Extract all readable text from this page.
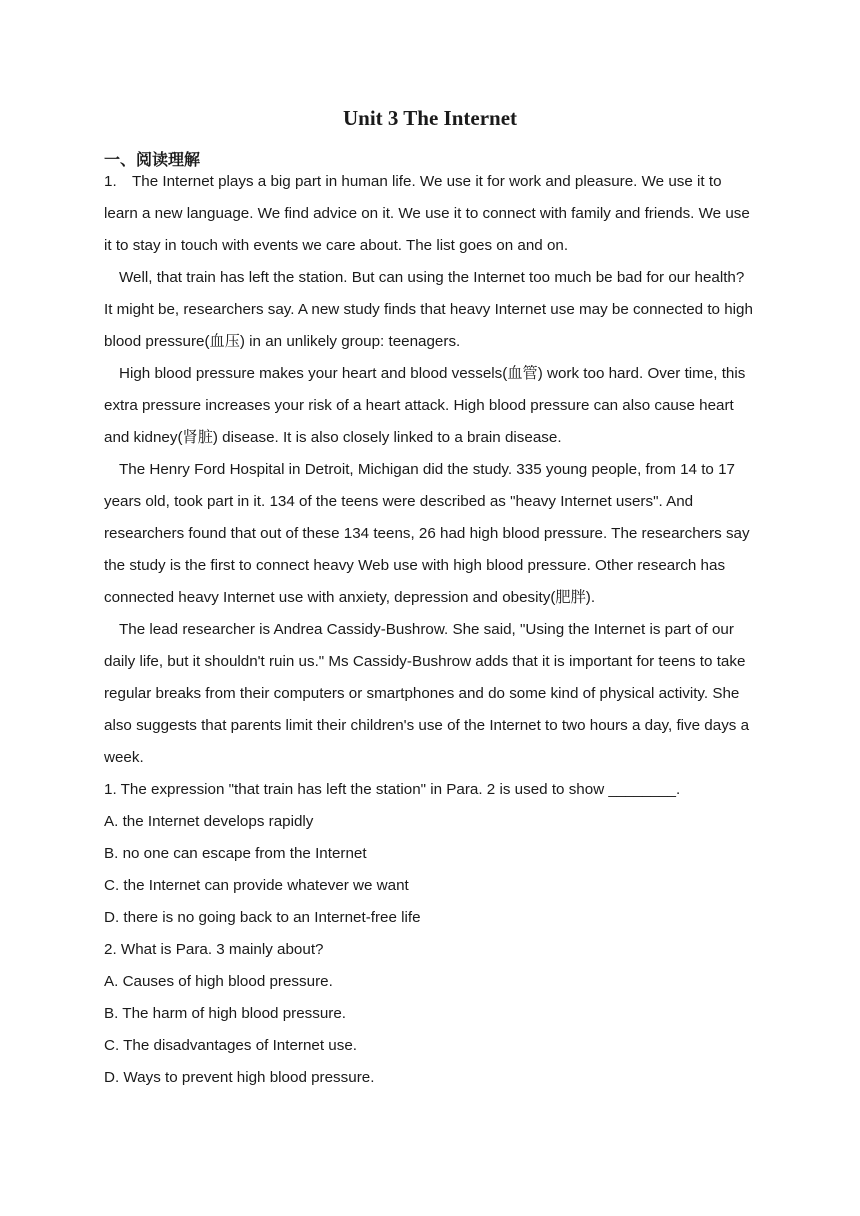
Unit 3 The Internet
一、阅读理解

1. The Internet plays a big part in human life. We use it for work and pleasure. We use it to learn a new language. We find advice on it. We use it to connect with family and friends. We use it to stay in touch with events we care about. The list goes on and on.

Well, that train has left the station. But can using the Internet too much be bad for our health? It might be, researchers say. A new study finds that heavy Internet use may be connected to high blood pressure(血压) in an unlikely group: teenagers.

High blood pressure makes your heart and blood vessels(血管) work too hard. Over time, this extra pressure increases your risk of a heart attack. High blood pressure can also cause heart and kidney(肾脏) disease. It is also closely linked to a brain disease.

The Henry Ford Hospital in Detroit, Michigan did the study. 335 young people, from 14 to 17 years old, took part in it. 134 of the teens were described as "heavy Internet users". And researchers found that out of these 134 teens, 26 had high blood pressure. The researchers say the study is the first to connect heavy Web use with high blood pressure. Other research has connected heavy Internet use with anxiety, depression and obesity(肥胖).

The lead researcher is Andrea Cassidy-Bushrow. She said, "Using the Internet is part of our daily life, but it shouldn't ruin us." Ms Cassidy-Bushrow adds that it is important for teens to take regular breaks from their computers or smartphones and do some kind of physical activity. She also suggests that parents limit their children's use of the Internet to two hours a day, five days a week.

1. The expression "that train has left the station" in Para. 2 is used to show ________.

A. the Internet develops rapidly

B. no one can escape from the Internet

C. the Internet can provide whatever we want

D. there is no going back to an Internet-free life

2. What is Para. 3 mainly about?

A. Causes of high blood pressure.

B. The harm of high blood pressure.

C. The disadvantages of Internet use.

D. Ways to prevent high blood pressure.
